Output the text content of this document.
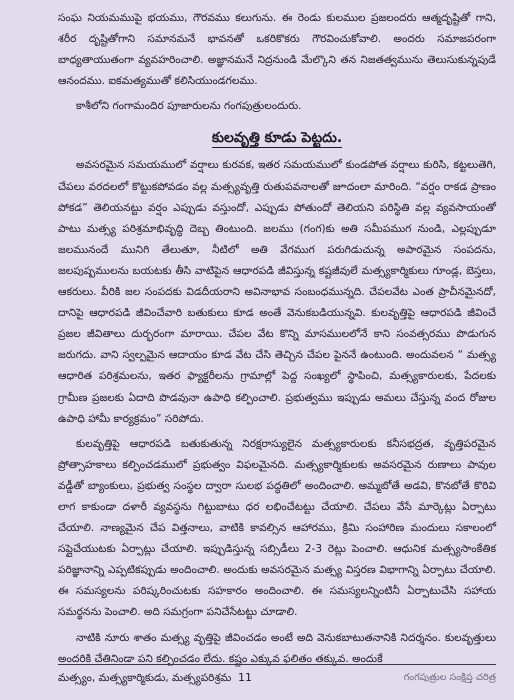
సంఘ నియమముపై భయము, గౌరవము కలుగును. ఈ రెండు కులముల ప్రజలందరు ఆత్మదృష్టితో గాని, శరీర దృష్టితోగాని సమానమనే భావనతో ఒకరికొకరు గౌరవించుకోవాలి. అందరు సమాజపరంగా బాధ్యతాయుతంగా వ్యవహరించాలి. అజ్ఞానమనే నిద్రనుండి మేల్కొని తన నిజతత్వమును తెలుసుకున్నపుడే ఆనందము. ఐకమత్యముతో కలిసియుండగలము.

కాశీలోని గంగామందిర పూజారులను గంగపుత్రులందురు.

కులవృత్తి కూడు పెట్టదు.

అవసరమైన సమయములో వర్షాలు కురవక, ఇతర సమయములో కుండపోత వర్షాలు కురిసి, కట్టలుతెగి, చేపలు వరదలలో కొట్టుకపోవడం వల్ల మత్స్యవృత్తి రుతుపవనాలతో జూదంలా మారింది. “వర్షం రాకడ ప్రాణం పోకడ” తెలియనట్టు వర్షం ఎప్పుడు వస్తుందో, ఎప్పుడు పోతుందో తెలియని పరిస్థితి వల్ల వ్యవసాయంతో పాటు మత్స్య పరిశ్రమాభివృద్ధి దెబ్బ తింటుంది. జలము (గంగ)కు అతి సమీపముగ నుండి, ఎల్లప్పుడూ జలమునందే మునిగి తేలుతూ, నీటిలో అతి వేగముగ పరుగిడుచున్న అపారమైన సంపదను, జలపుష్పములను బయటకు తీసి వాటిపైన ఆధారపడి జీవిస్తున్న కష్టజీవులే మత్స్యకార్మికులు గూండ్ల, బెస్తలు, ఆకరులు. వీరికి జల సంపదకు విడదీయరాని అవినాభావ సంబంధమున్నది. చేపలవేట ఎంత ప్రాచీనమైనదో, దానిపై ఆధారపడి జీవించేవారి బతుకులు కూడ అంతే వెనుకబడియున్నవి. కులవృత్తిపై ఆధారపడి జీవించే ప్రజల జీవితాలు దుర్భరంగా మారాయి. చేపల వేట కొన్ని మాసములలోనే కాని సంవత్సరము పొడుగున జరుగదు. వాని స్వల్పమైన ఆదాయం కూడ వేట చేసి తెచ్చిన చేపల పైననే ఉంటుంది. అందువలన “ మత్స్య ఆధారిత పరిశ్రమలను, ఇతర ఫ్యాక్టరీలను గ్రామాల్లో పెద్ద సంఖ్యలో స్థాపించి, మత్స్యకారులకు, పేదలకు గ్రామీణ ప్రజలకు ఏదాది పొడవునా ఉపాధి కల్పించాలి. ప్రభుత్వము ఇప్పుడు అమలు చేస్తున్న వంద రోజుల ఉపాధి హామీ కార్యక్రమం” సరిపోదు.

కులవృత్తిపై ఆధారపడి బతుకుతున్న నిరక్షరాస్యులైన మత్స్యకారులకు కనీసభద్రత, వృత్తిపరమైన ప్రోత్సాహకాలు కల్పించడములో ప్రభుత్వం విఫలమైనది. మత్స్యకార్మికులకు అవసరమైన రుణాలు పావుల వడ్డీతో బ్యాంకులు, ప్రభుత్వ సంస్థల ద్వారా సులభ పద్ధతిలో అందించాలి. అమ్మబోతే అడవి, కొనబోతే కొరివి లాగ కాకుండా దళారీ వ్యవస్థను గిట్టుబాటు ధర లభించేటట్టు చేయాలి. చేపలు వేసే మార్కెట్లు ఏర్పాటు చేయాలి. నాణ్యమైన చేప విత్తనాలు, వాటికి కావల్సిన ఆహారము, క్రిమి సంహారిణ మందులు సకాలంలో సప్లైచేయుటకు ఏర్పాట్లు చేయాలి. ఇప్పుడిస్తున్న సబ్సిడీలు 2-3 రెట్లు పెంచాలి. ఆధునిక మత్స్యసాంకేతిక పరిజ్ఞానాన్ని ఎప్పటికప్పుడు అందించాలి. అందుకు అవసరమైన మత్స్య విస్తరణ విభాగాన్ని ఏర్పాటు చేయాలి. ఈ సమస్యలను పరిష్కరించుటకు సహకారం అందించాలి. ఈ సమస్యలన్నింటినీ ఏర్పాటుచేసి సహాయ సమర్థనను పెంచాలి. అది సమగ్రంగా పనిచేసేటట్టు చూడాలి.

నాటికి నూరు శాతం మత్స్య వృత్తిపై జీవించడం అంటే అది వెనుకబాటుతనానికి నిదర్శనం. కులవృత్తులు అందరికి చేతినిండా పని కల్పించడం లేదు. కష్టం ఎక్కువ ఫలితం తక్కువ. అందుకే

మత్స్యం, మత్స్యకార్మికుడు, మత్స్యపరిశ్రమ 11	గంగపుత్రుల సంక్షిప్త చరిత్ర
